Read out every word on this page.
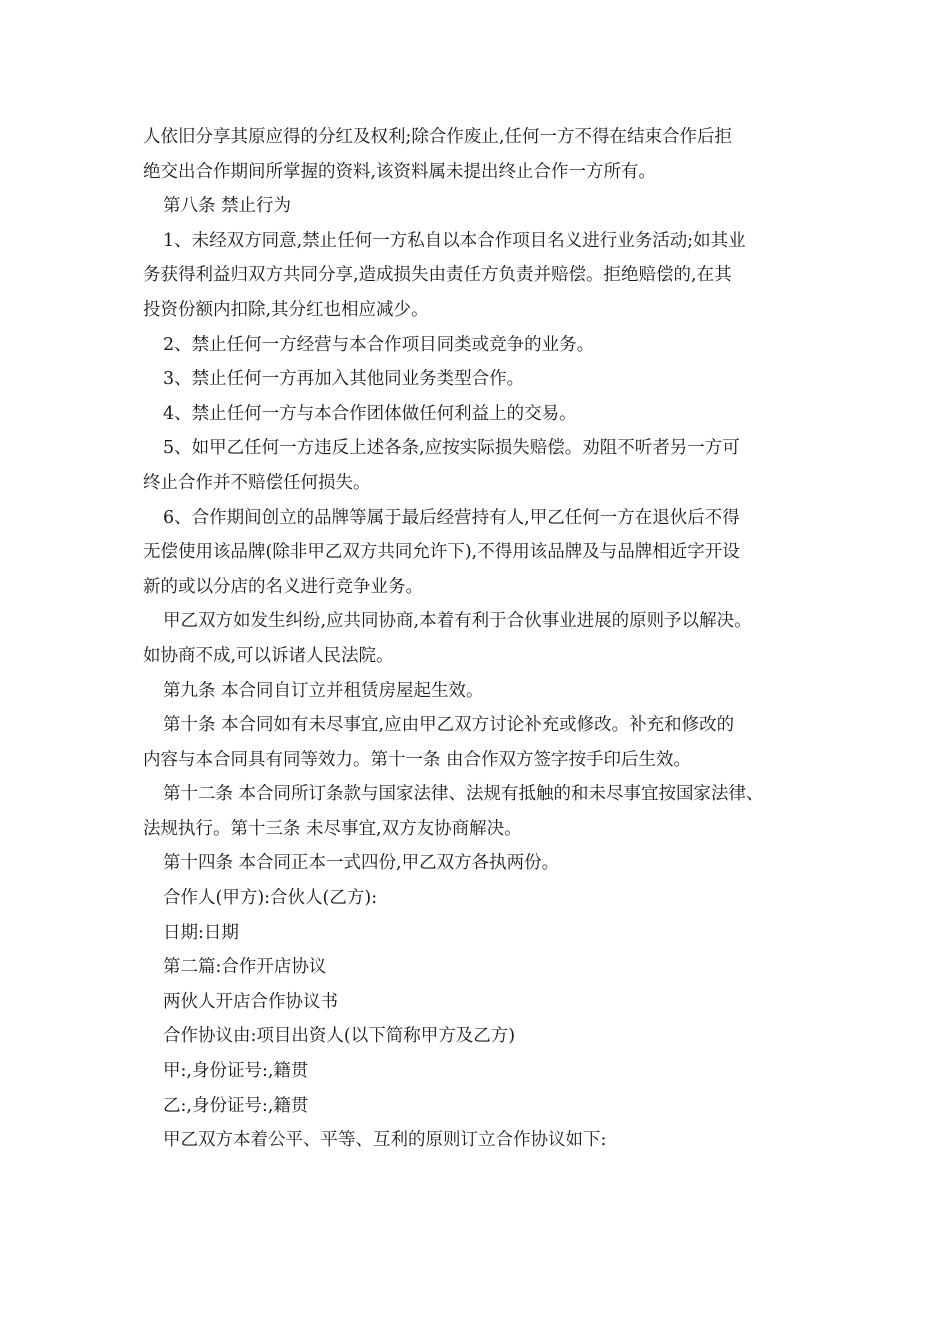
人依旧分享其原应得的分红及权利;除合作废止,任何一方不得在结束合作后拒
绝交出合作期间所掌握的资料,该资料属未提出终止合作一方所有。
第八条 禁止行为
1、未经双方同意,禁止任何一方私自以本合作项目名义进行业务活动;如其业
务获得利益归双方共同分享,造成损失由责任方负责并赔偿。拒绝赔偿的,在其
投资份额内扣除,其分红也相应减少。
2、禁止任何一方经营与本合作项目同类或竞争的业务。
3、禁止任何一方再加入其他同业务类型合作。
4、禁止任何一方与本合作团体做任何利益上的交易。
5、如甲乙任何一方违反上述各条,应按实际损失赔偿。劝阻不听者另一方可
终止合作并不赔偿任何损失。
6、合作期间创立的品牌等属于最后经营持有人,甲乙任何一方在退伙后不得
无偿使用该品牌(除非甲乙双方共同允许下),不得用该品牌及与品牌相近字开设
新的或以分店的名义进行竞争业务。
甲乙双方如发生纠纷,应共同协商,本着有利于合伙事业进展的原则予以解决。
如协商不成,可以诉诸人民法院。
第九条 本合同自订立并租赁房屋起生效。
第十条 本合同如有未尽事宜,应由甲乙双方讨论补充或修改。补充和修改的
内容与本合同具有同等效力。第十一条 由合作双方签字按手印后生效。
第十二条 本合同所订条款与国家法律、法规有抵触的和未尽事宜按国家法律、
法规执行。第十三条 未尽事宜,双方友协商解决。
第十四条 本合同正本一式四份,甲乙双方各执两份。
合作人(甲方):合伙人(乙方):
日期:日期
第二篇:合作开店协议
两伙人开店合作协议书
合作协议由:项目出资人(以下简称甲方及乙方)
甲:,身份证号:,籍贯
乙:,身份证号:,籍贯
甲乙双方本着公平、平等、互利的原则订立合作协议如下:
